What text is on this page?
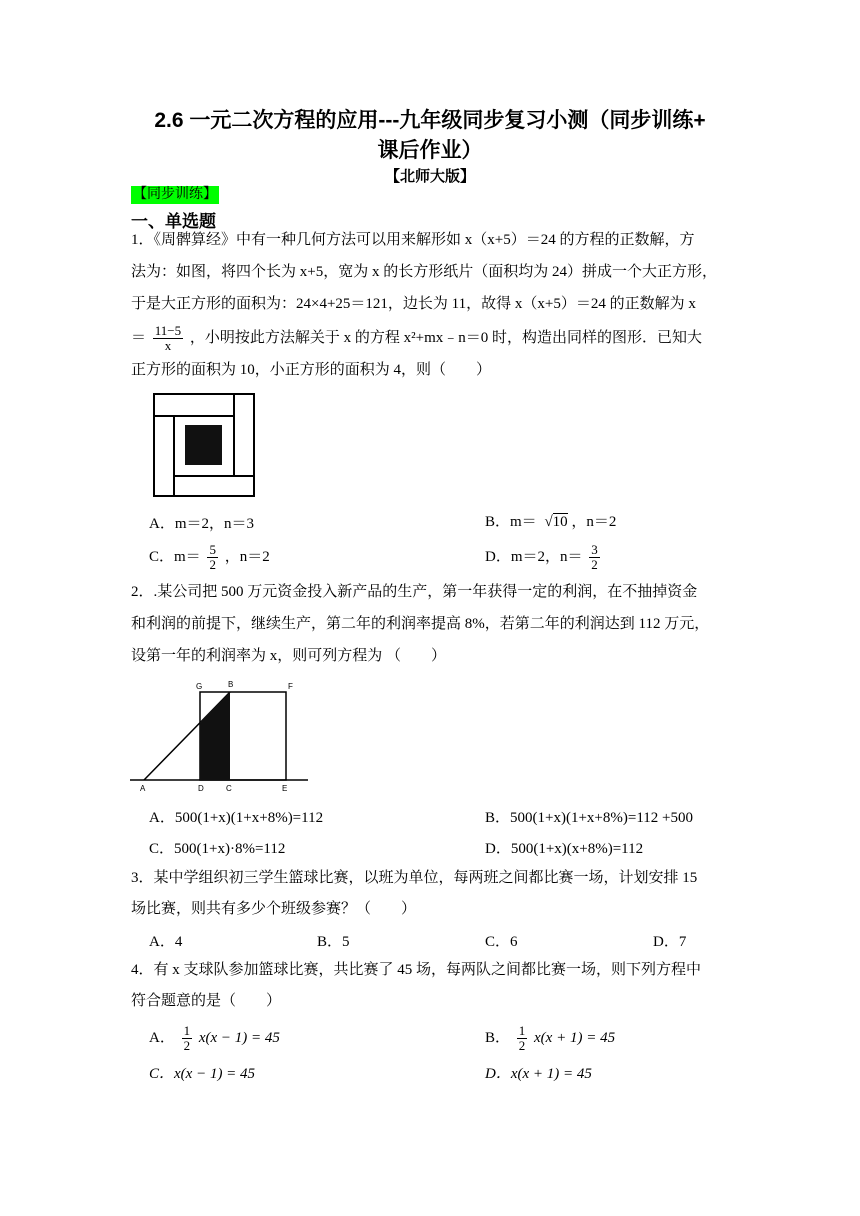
2.6 一元二次方程的应用---九年级同步复习小测（同步训练+
课后作业）
【北师大版】
【同步训练】
一、单选题
1．《周髀算经》中有一种几何方法可以用来解形如 x（x+5）＝24 的方程的正数解，方
法为：如图，将四个长为 x+5，宽为 x 的长方形纸片（面积均为 24）拼成一个大正方形，
于是大正方形的面积为：24×4+25＝121，边长为 11，故得 x（x+5）＝24 的正数解为 x
＝ $\frac{11-5}{x}$ ，小明按此方法解关于 x 的方程 x²+mx﹣n＝0 时，构造出同样的图形．已知大
正方形的面积为 10，小正方形的面积为 4，则（　　）
A．m＝2，n＝3	B．m＝ √10 ，n＝2
C．$m= \frac{5}{2}$ ，n＝2	D．m＝2，$n= \frac{3}{2}$
2．.某公司把 500 万元资金投入新产品的生产，第一年获得一定的利润，在不抽掉资金
和利润的前提下，继续生产，第二年的利润率提高 8%，若第二年的利润达到 112 万元，
设第一年的利润率为 x，则可列方程为 （　　）
G	B	F
A	D	C	E
A．500(1+x)(1+x+8%)=112	B．500(1+x)(1+x+8%)=112 +500
C．500(1+x)·8%=112	D．500(1+x)(x+8%)=112
3．某中学组织初三学生篮球比赛，以班为单位，每两班之间都比赛一场，计划安排 15
场比赛，则共有多少个班级参赛？（　　）
A．4	B．5	C．6	D．7
4．有 x 支球队参加篮球比赛，共比赛了 45 场，每两队之间都比赛一场，则下列方程中
符合题意的是（　　）
A． $\frac{1}{2} x(x - 1) = 45$	B． $\frac{1}{2} x(x + 1) = 45$
C．x(x − 1) = 45	D．x(x + 1) = 45
